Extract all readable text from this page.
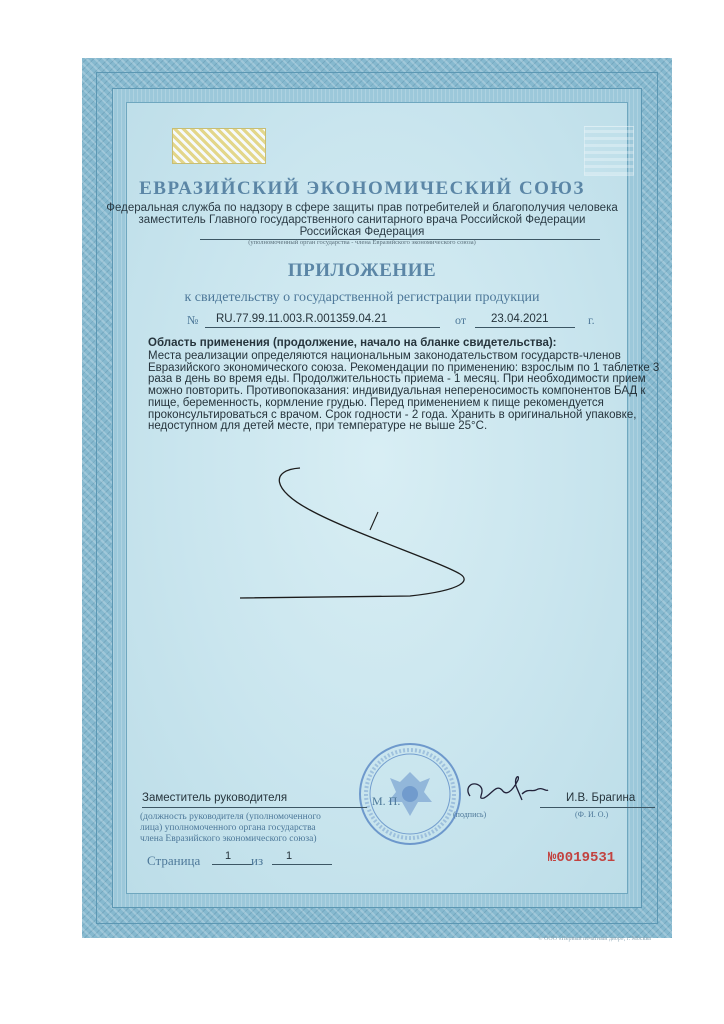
ЕВРАЗИЙСКИЙ ЭКОНОМИЧЕСКИЙ СОЮЗ
Федеральная служба по надзору в сфере защиты прав потребителей и благополучия человека
заместитель Главного государственного санитарного врача Российской Федерации
Российская Федерация
(уполномоченный орган государства - члена Евразийского экономического союза)
ПРИЛОЖЕНИЕ
к свидетельству о государственной регистрации продукции
№ RU.77.99.11.003.R.001359.04.21	от 23.04.2021	г.
Область применения (продолжение, начало на бланке свидетельства):
Места реализации определяются национальным законодательством государств-членов
Евразийского экономического союза. Рекомендации по применению: взрослым по 1 таблетке 3
раза в день во время еды. Продолжительность приема - 1 месяц. При необходимости прием
можно повторить. Противопоказания: индивидуальная непереносимость компонентов БАД к
пище, беременность, кормление грудью. Перед применением к пище рекомендуется
проконсультироваться с врачом. Срок годности - 2 года. Хранить в оригинальной упаковке,
недоступном для детей месте, при температуре не выше 25°С.
Заместитель руководителя	М. П.	И.В. Брагина
(подпись)	(Ф. И. О.)
(должность руководителя (уполномоченного
лица) уполномоченного органа государства
члена Евразийского экономического союза)
Страница 1 из 1	№0019531
© ООО «Первый печатный двор», г. Москва
